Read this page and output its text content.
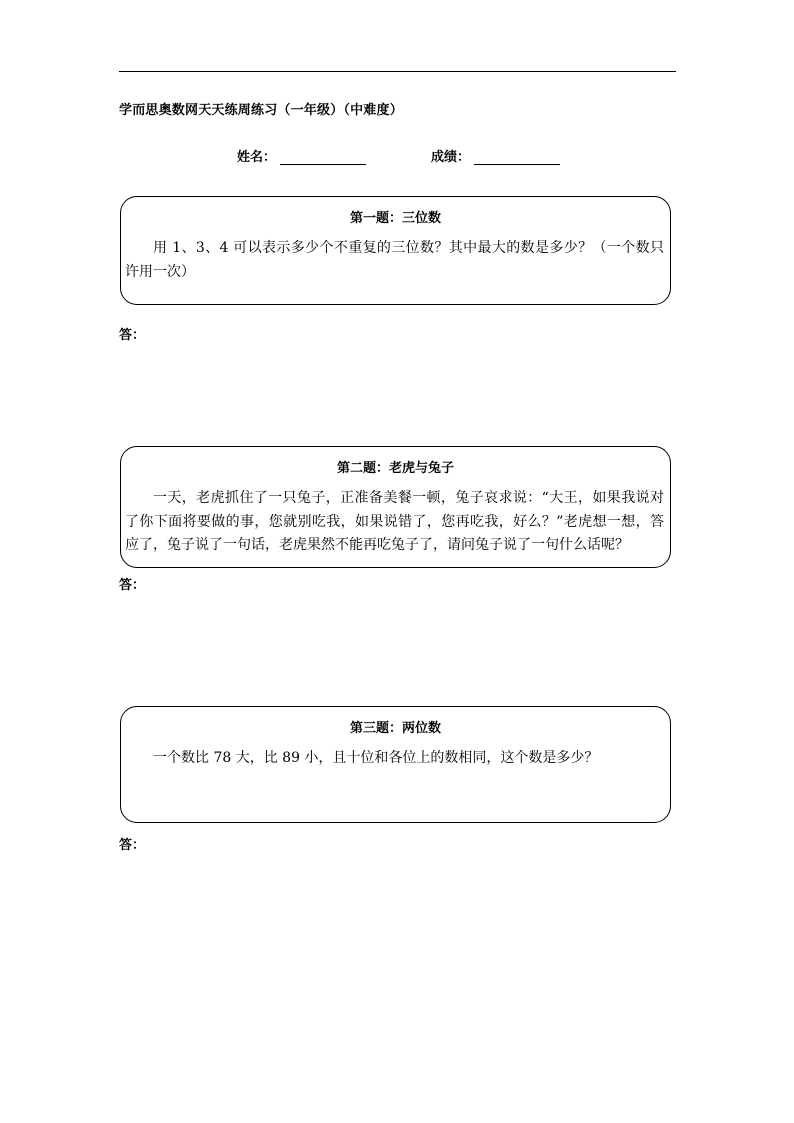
学而思奥数网天天练周练习（一年级）（中难度）
姓名：	成绩：
第一题：三位数
用 1、3、4 可以表示多少个不重复的三位数？其中最大的数是多少？（一个数只许用一次）
答：
第二题：老虎与兔子
一天，老虎抓住了一只兔子，正准备美餐一顿，兔子哀求说：“大王，如果我说对了你下面将要做的事，您就别吃我，如果说错了，您再吃我，好么？”老虎想一想，答应了，兔子说了一句话，老虎果然不能再吃兔子了，请问兔子说了一句什么话呢？
答：
第三题：两位数
一个数比 78 大，比 89 小，且十位和各位上的数相同，这个数是多少？
答：
